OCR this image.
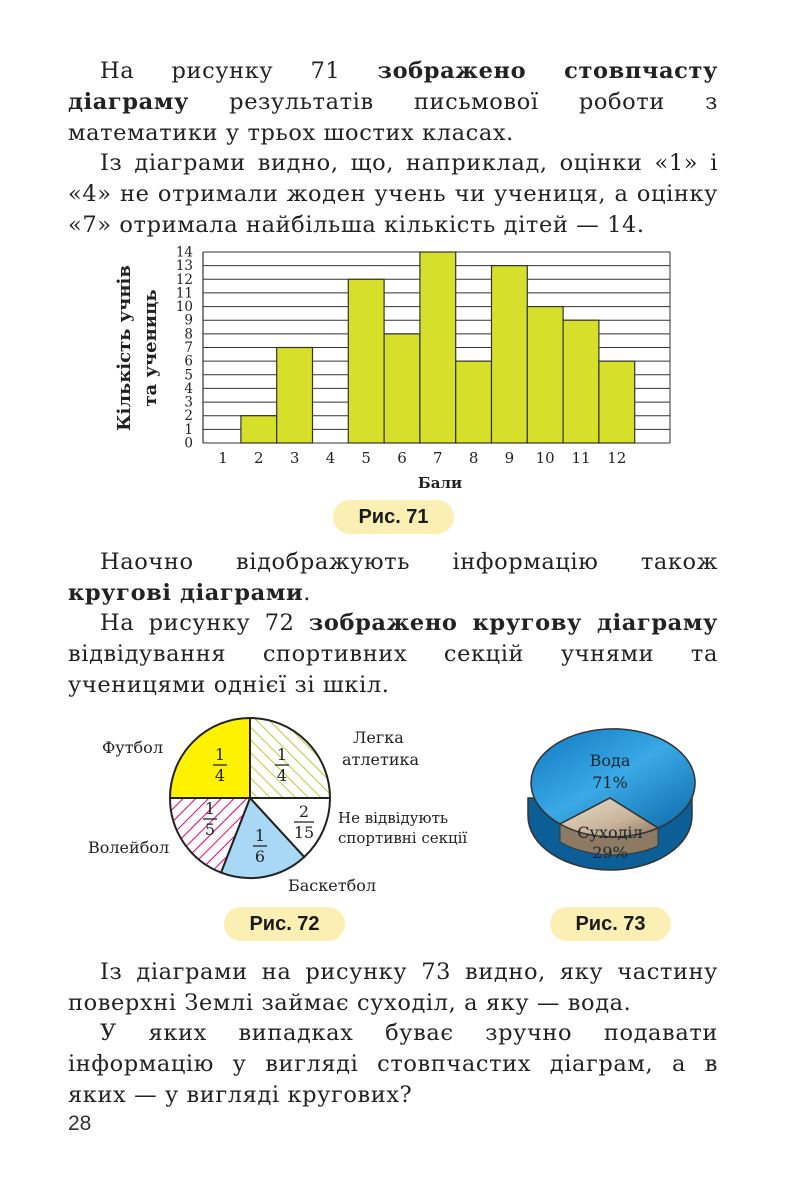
На рисунку 71 зображено стовпчасту діаграму результатів письмової роботи з математики у трьох шостих класах.

Із діаграми видно, що, наприклад, оцінки «1» і «4» не отримали жоден учень чи учениця, а оцінку «7» отримала найбільша кількість дітей — 14.

0
1
2
3
4
5
6
7
8
9
10
11
12
13
14
1 2 3 4 5 6 7 8 9 10 11 12
Кількість учнів та учениць
Бали
Рис. 71

Наочно відображують інформацію також кругові діаграми.

На рисунку 72 зображено кругову діаграму відвідування спортивних секцій учнями та ученицями однієї зі шкіл.

1
4
1
4
2
15
1
6
1
5
Футбол
Легка
атлетика
Не відвідують
спортивні секції
Баскетбол
Волейбол
Вода
71%
Суходіл
29%
Рис. 72	Рис. 73

Із діаграми на рисунку 73 видно, яку частину поверхні Землі займає суходіл, а яку — вода.

У яких випадках буває зручно подавати інформацію у вигляді стовпчастих діаграм, а в яких — у вигляді кругових?

28
